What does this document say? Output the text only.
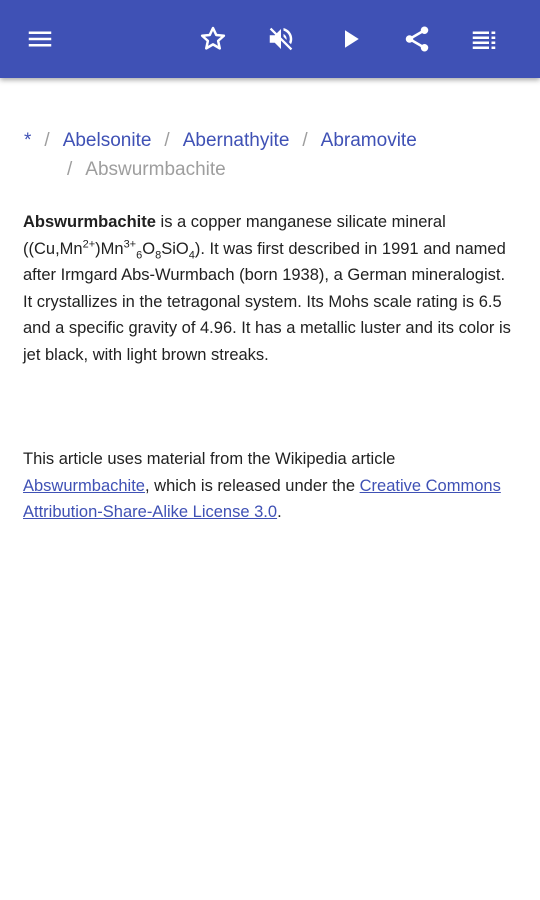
* / Abelsonite / Abernathyite / Abramovite
/ Abswurmbachite
Abswurmbachite is a copper manganese silicate mineral $((Cu,Mn^{2+})Mn^{3+}_6O_8SiO_4)$. It was first described in 1991 and named after Irmgard Abs-Wurmbach (born 1938), a German mineralogist. It crystallizes in the tetragonal system. Its Mohs scale rating is 6.5 and a specific gravity of 4.96. It has a metallic luster and its color is jet black, with light brown streaks.
This article uses material from the Wikipedia article Abswurmbachite, which is released under the Creative Commons Attribution-Share-Alike License 3.0.
